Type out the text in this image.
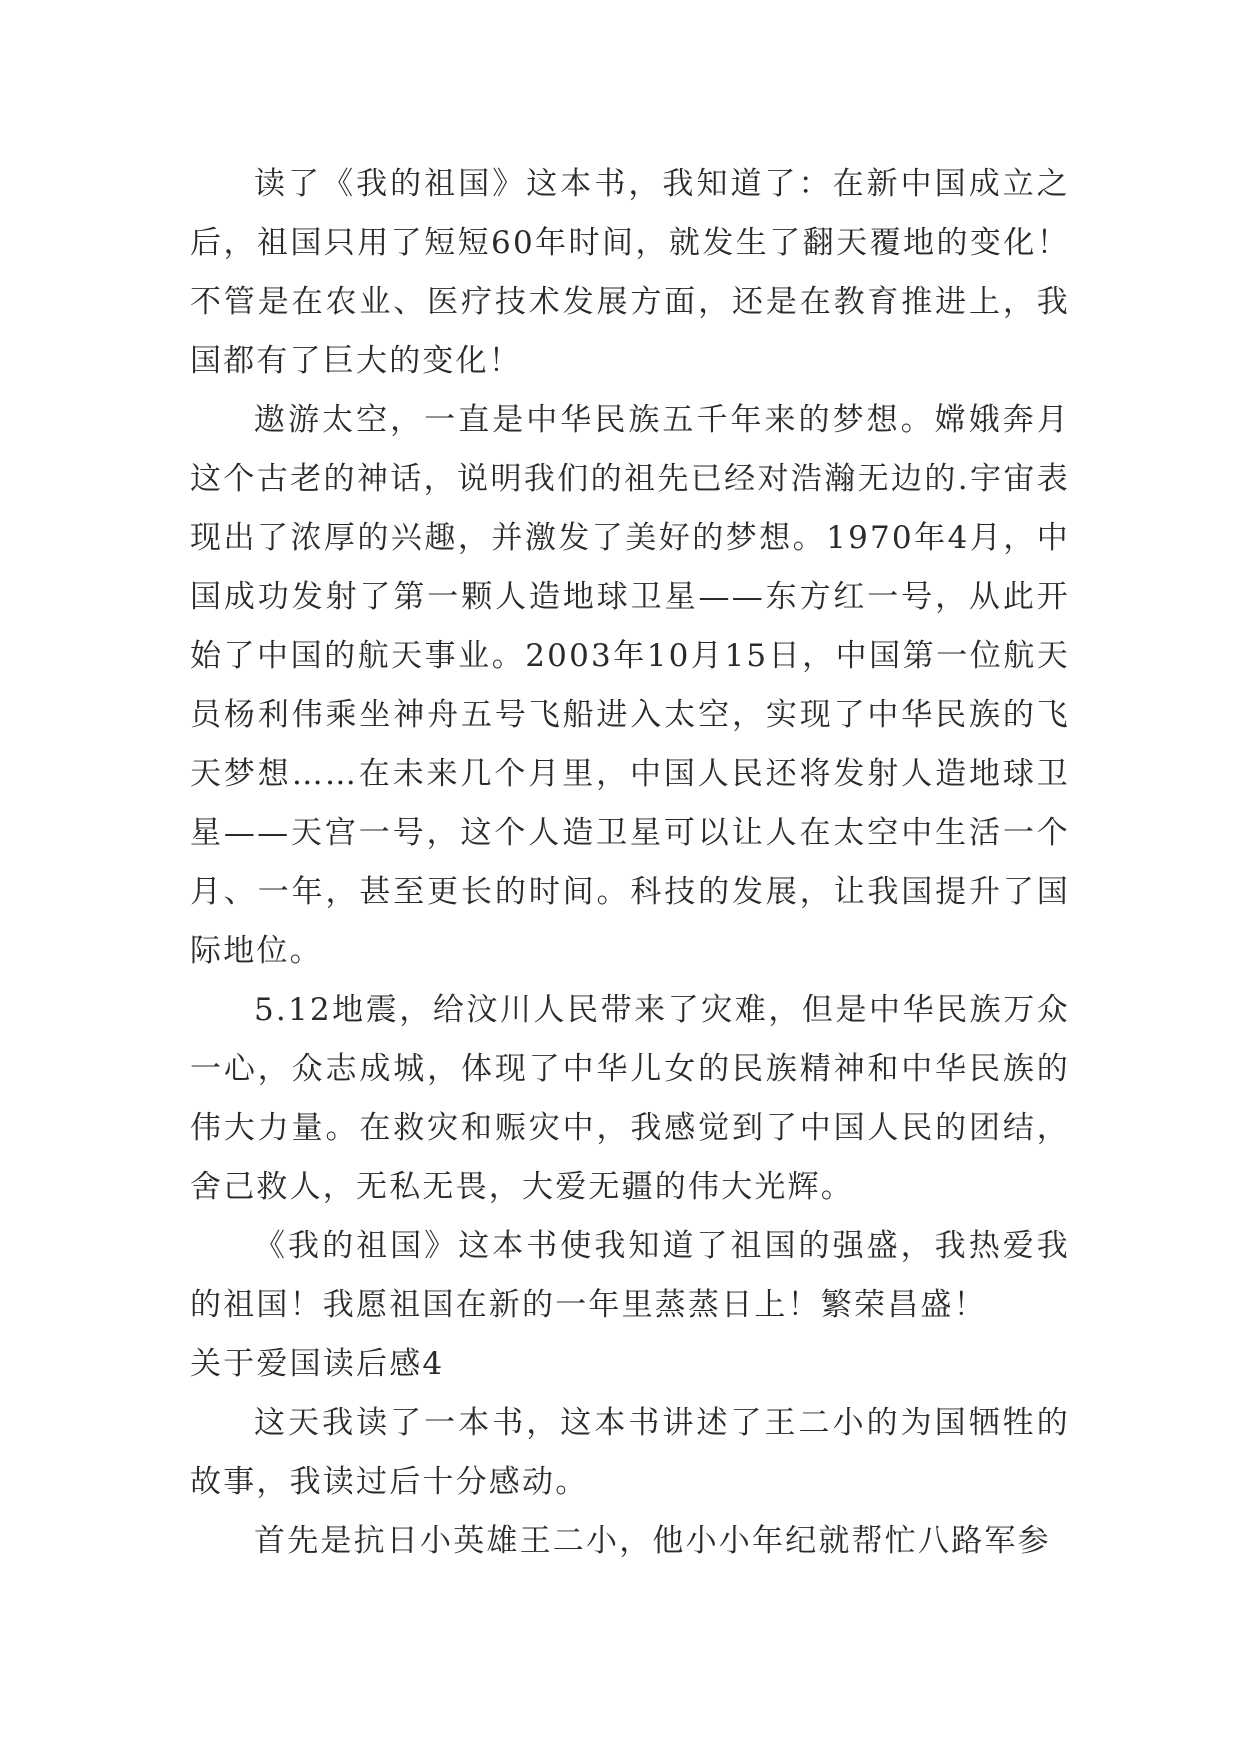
读了《我的祖国》这本书，我知道了：在新中国成立之后，祖国只用了短短60年时间，就发生了翻天覆地的变化！不管是在农业、医疗技术发展方面，还是在教育推进上，我国都有了巨大的变化！

遨游太空，一直是中华民族五千年来的梦想。嫦娥奔月这个古老的神话，说明我们的祖先已经对浩瀚无边的.宇宙表现出了浓厚的兴趣，并激发了美好的梦想。1970年4月，中国成功发射了第一颗人造地球卫星——东方红一号，从此开始了中国的航天事业。2003年10月15日，中国第一位航天员杨利伟乘坐神舟五号飞船进入太空，实现了中华民族的飞天梦想……在未来几个月里，中国人民还将发射人造地球卫星——天宫一号，这个人造卫星可以让人在太空中生活一个月、一年，甚至更长的时间。科技的发展，让我国提升了国际地位。

5.12地震，给汶川人民带来了灾难，但是中华民族万众一心，众志成城，体现了中华儿女的民族精神和中华民族的伟大力量。在救灾和赈灾中，我感觉到了中国人民的团结，舍己救人，无私无畏，大爱无疆的伟大光辉。

《我的祖国》这本书使我知道了祖国的强盛，我热爱我的祖国！我愿祖国在新的一年里蒸蒸日上！繁荣昌盛！

关于爱国读后感4

这天我读了一本书，这本书讲述了王二小的为国牺牲的故事，我读过后十分感动。

首先是抗日小英雄王二小，他小小年纪就帮忙八路军参
